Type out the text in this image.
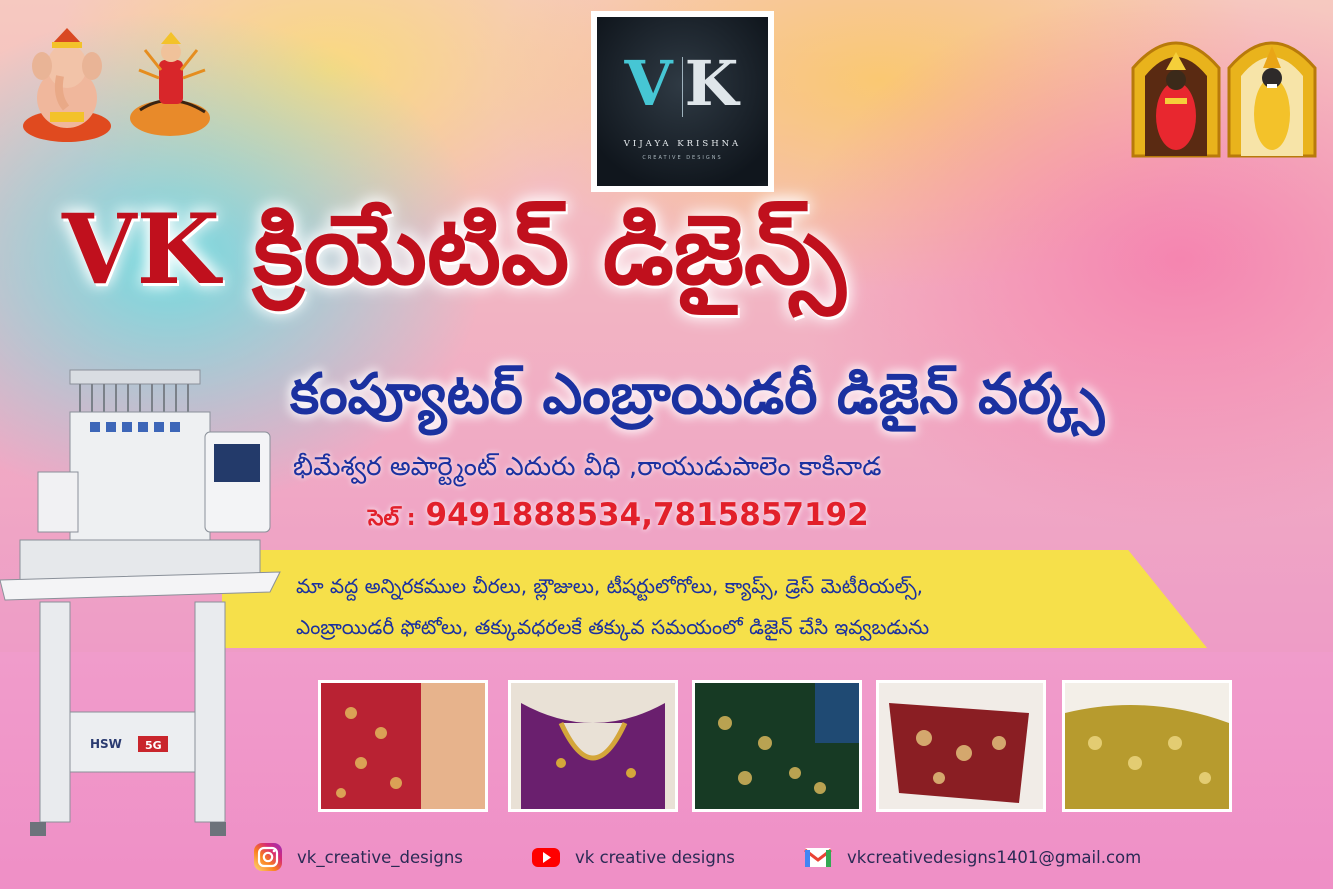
V K
VIJAYA KRISHNA
CREATIVE DESIGNS
VK క్రియేటివ్ డిజైన్స్
కంప్యూటర్ ఎంబ్రాయిడరీ డిజైన్ వర్క్స
భీమేశ్వర అపార్ట్మెంట్ ఎదురు వీధి ,రాయుడుపాలెం కాకినాడ
సెల్ : 9491888534,7815857192
మా వద్ద అన్నిరకముల చీరలు, బ్లౌజులు, టీషర్టులోగోలు, క్యాప్స్, డ్రెస్ మెటీరియల్స్,
ఎంబ్రాయిడరీ ఫోటోలు, తక్కువధరలకే తక్కువ సమయంలో డిజైన్ చేసి ఇవ్వబడును
HSW 5G
vk_creative_designs	vk creative designs	vkcreativedesigns1401@gmail.com
